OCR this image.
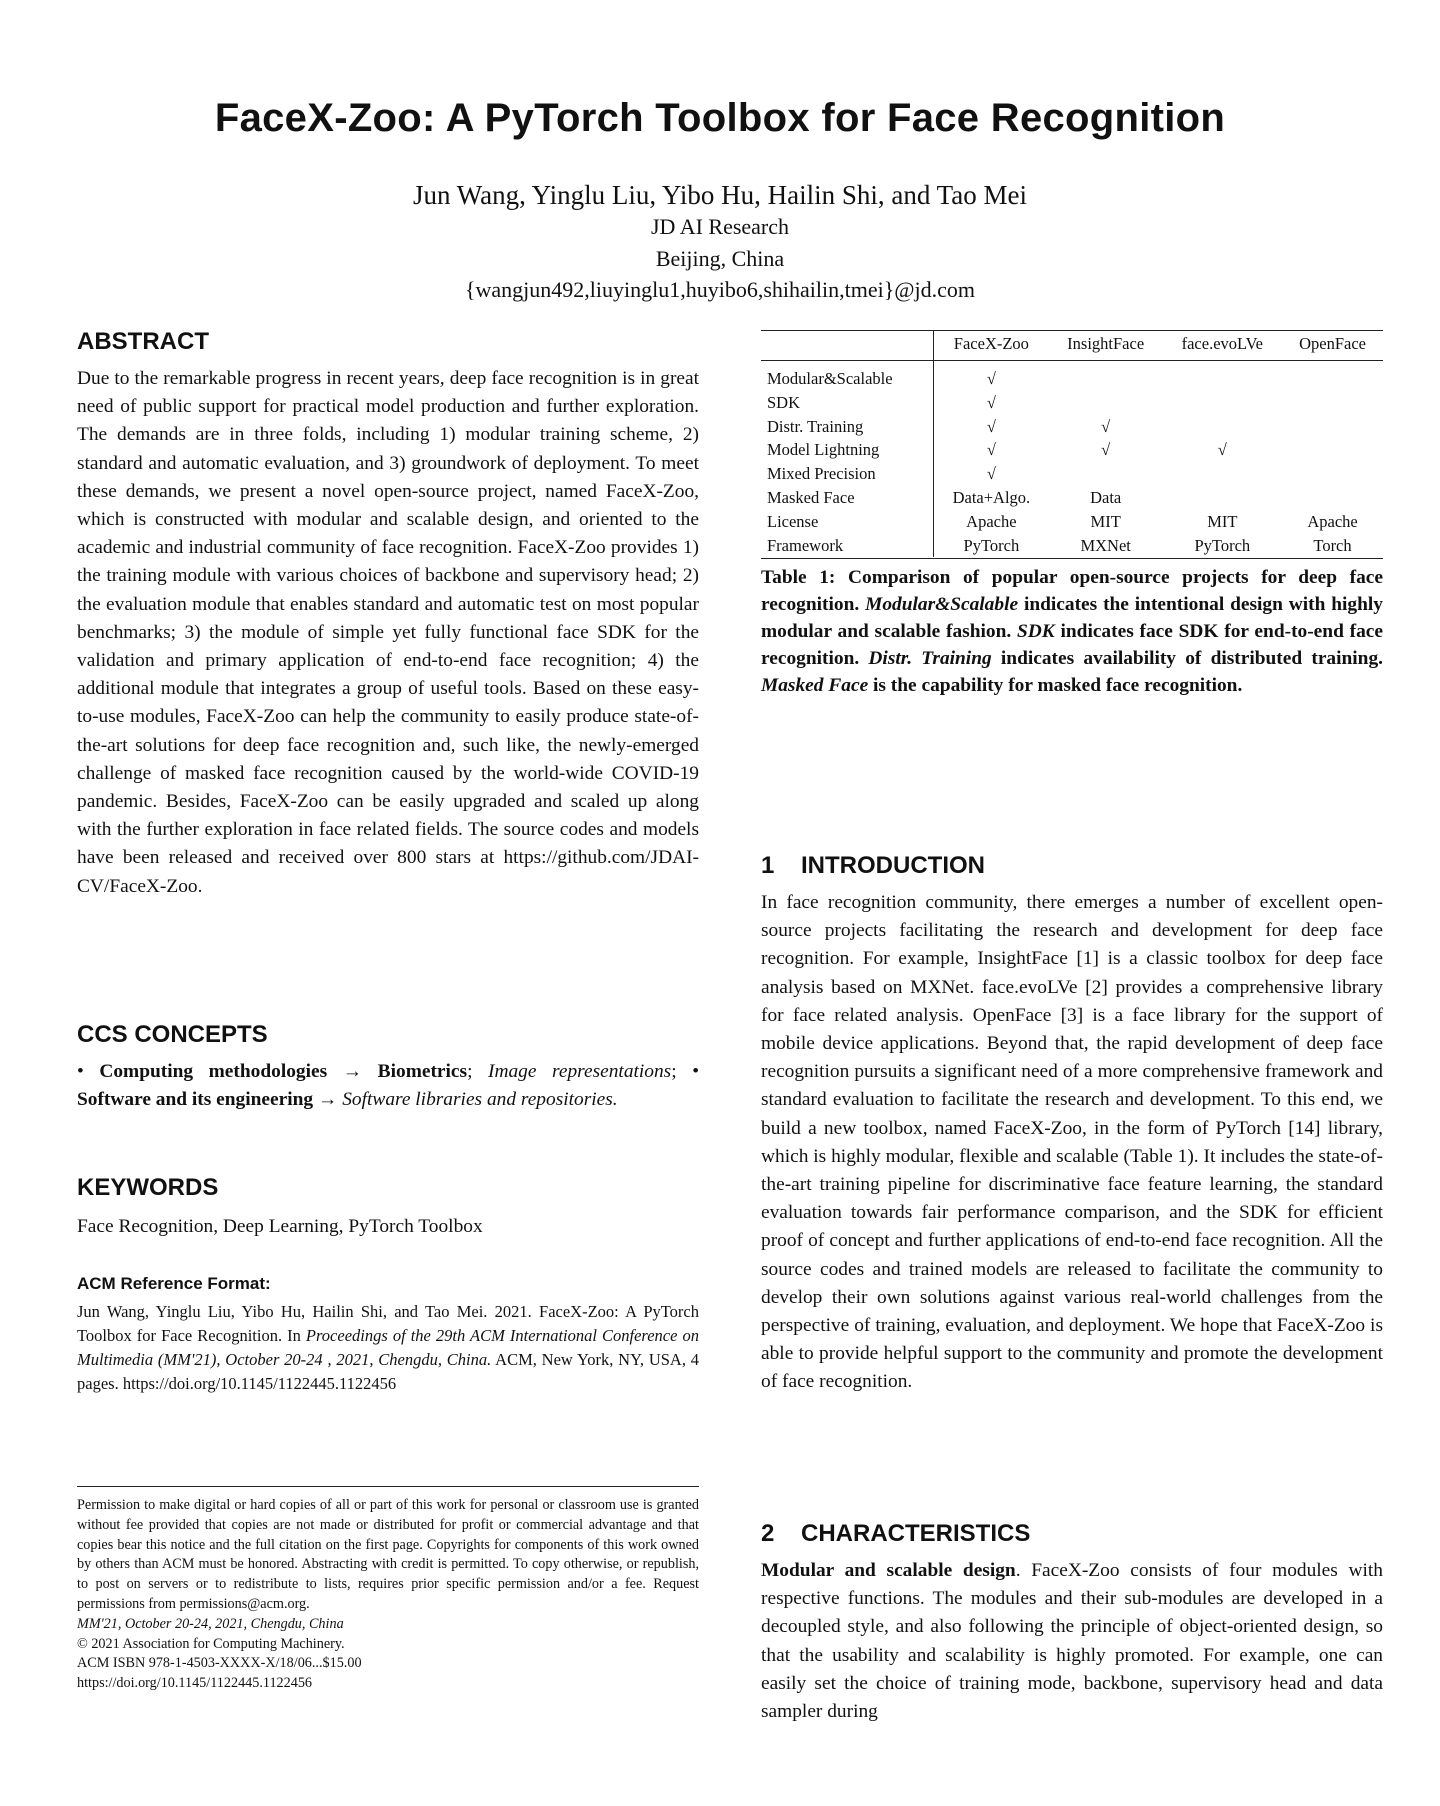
FaceX-Zoo: A PyTorch Toolbox for Face Recognition
Jun Wang, Yinglu Liu, Yibo Hu, Hailin Shi, and Tao Mei
JD AI Research
Beijing, China
{wangjun492,liuyinglu1,huyibo6,shihailin,tmei}@jd.com
ABSTRACT

Due to the remarkable progress in recent years, deep face recognition is in great need of public support for practical model production and further exploration. The demands are in three folds, including 1) modular training scheme, 2) standard and automatic evaluation, and 3) groundwork of deployment. To meet these demands, we present a novel open-source project, named FaceX-Zoo, which is constructed with modular and scalable design, and oriented to the academic and industrial community of face recognition. FaceX-Zoo provides 1) the training module with various choices of backbone and supervisory head; 2) the evaluation module that enables standard and automatic test on most popular benchmarks; 3) the module of simple yet fully functional face SDK for the validation and primary application of end-to-end face recognition; 4) the additional module that integrates a group of useful tools. Based on these easy-to-use modules, FaceX-Zoo can help the community to easily produce state-of-the-art solutions for deep face recognition and, such like, the newly-emerged challenge of masked face recognition caused by the world-wide COVID-19 pandemic. Besides, FaceX-Zoo can be easily upgraded and scaled up along with the further exploration in face related fields. The source codes and models have been released and received over 800 stars at https://github.com/JDAI-CV/FaceX-Zoo.

CCS CONCEPTS

• Computing methodologies → Biometrics; Image representations; • Software and its engineering → Software libraries and repositories.

KEYWORDS
Face Recognition, Deep Learning, PyTorch Toolbox
ACM Reference Format:
Jun Wang, Yinglu Liu, Yibo Hu, Hailin Shi, and Tao Mei. 2021. FaceX-Zoo: A PyTorch Toolbox for Face Recognition. In Proceedings of the 29th ACM International Conference on Multimedia (MM'21), October 20-24 , 2021, Chengdu, China. ACM, New York, NY, USA, 4 pages. https://doi.org/10.1145/1122445.1122456
Permission to make digital or hard copies of all or part of this work for personal or classroom use is granted without fee provided that copies are not made or distributed for profit or commercial advantage and that copies bear this notice and the full citation on the first page. Copyrights for components of this work owned by others than ACM must be honored. Abstracting with credit is permitted. To copy otherwise, or republish, to post on servers or to redistribute to lists, requires prior specific permission and/or a fee. Request permissions from permissions@acm.org.
MM'21, October 20-24, 2021, Chengdu, China
© 2021 Association for Computing Machinery.
ACM ISBN 978-1-4503-XXXX-X/18/06...$15.00
https://doi.org/10.1145/1122445.1122456
	FaceX-Zoo	InsightFace	face.evoLVe	OpenFace
Modular&Scalable	√			
SDK	√			
Distr. Training	√	√		
Model Lightning	√	√	√	
Mixed Precision	√			
Masked Face	Data+Algo.	Data		
License	Apache	MIT	MIT	Apache
Framework	PyTorch	MXNet	PyTorch	Torch
Table 1: Comparison of popular open-source projects for deep face recognition. Modular&Scalable indicates the intentional design with highly modular and scalable fashion. SDK indicates face SDK for end-to-end face recognition. Distr. Training indicates availability of distributed training. Masked Face is the capability for masked face recognition.
1 INTRODUCTION

In face recognition community, there emerges a number of excellent open-source projects facilitating the research and development for deep face recognition. For example, InsightFace [1] is a classic toolbox for deep face analysis based on MXNet. face.evoLVe [2] provides a comprehensive library for face related analysis. OpenFace [3] is a face library for the support of mobile device applications. Beyond that, the rapid development of deep face recognition pursuits a significant need of a more comprehensive framework and standard evaluation to facilitate the research and development. To this end, we build a new toolbox, named FaceX-Zoo, in the form of PyTorch [14] library, which is highly modular, flexible and scalable (Table 1). It includes the state-of-the-art training pipeline for discriminative face feature learning, the standard evaluation towards fair performance comparison, and the SDK for efficient proof of concept and further applications of end-to-end face recognition. All the source codes and trained models are released to facilitate the community to develop their own solutions against various real-world challenges from the perspective of training, evaluation, and deployment. We hope that FaceX-Zoo is able to provide helpful support to the community and promote the development of face recognition.

2 CHARACTERISTICS

Modular and scalable design. FaceX-Zoo consists of four modules with respective functions. The modules and their sub-modules are developed in a decoupled style, and also following the principle of object-oriented design, so that the usability and scalability is highly promoted. For example, one can easily set the choice of training mode, backbone, supervisory head and data sampler during
